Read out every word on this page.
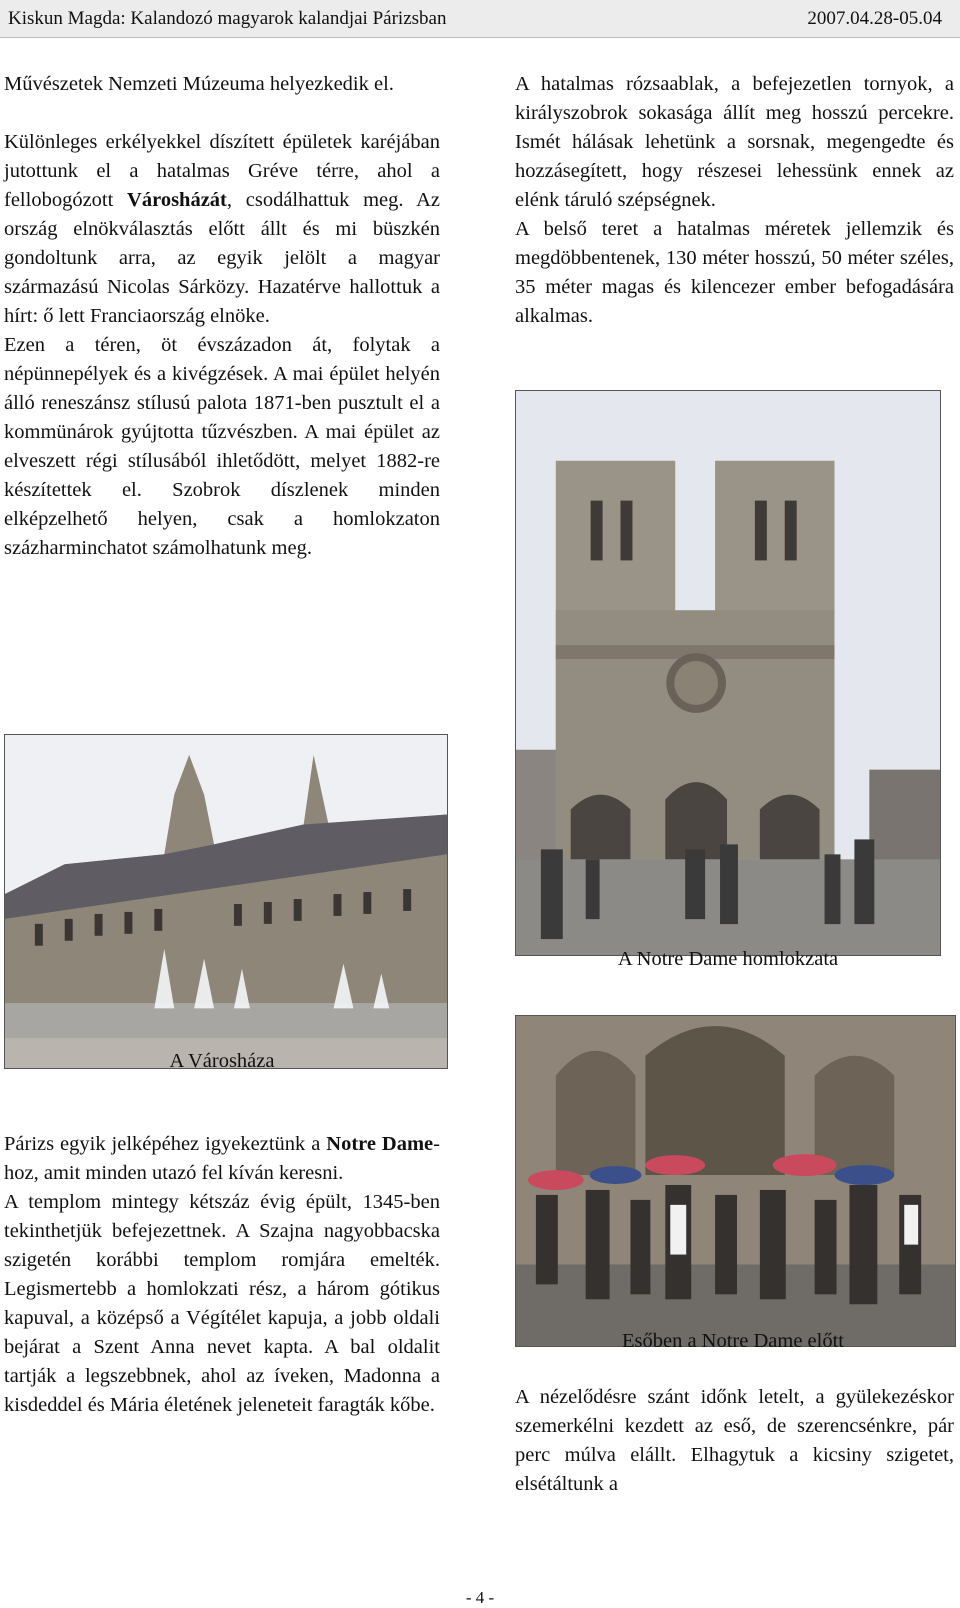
Kiskun Magda: Kalandozó magyarok kalandjai Párizsban	2007.04.28-05.04

Művészetek Nemzeti Múzeuma helyezkedik el.

Különleges erkélyekkel díszített épületek karéjában jutottunk el a hatalmas Gréve térre, ahol a fellobogózott Városházát, csodálhattuk meg. Az ország elnökválasztás előtt állt és mi büszkén gondoltunk arra, az egyik jelölt a magyar származású Nicolas Sárközy. Hazatérve hallottuk a hírt: ő lett Franciaország elnöke.

Ezen a téren, öt évszázadon át, folytak a népünnepélyek és a kivégzések. A mai épület helyén álló reneszánsz stílusú palota 1871-ben pusztult el a kommünárok gyújtotta tűzvészben. A mai épület az elveszett régi stílusából ihletődött, melyet 1882-re készítettek el. Szobrok díszlenek minden elképzelhető helyen, csak a homlokzaton százharminchatot számolhatunk meg.

A hatalmas rózsaablak, a befejezetlen tornyok, a királyszobrok sokasága állít meg hosszú percekre. Ismét hálásak lehetünk a sorsnak, megengedte és hozzásegített, hogy részesei lehessünk ennek az elénk táruló szépségnek.

A belső teret a hatalmas méretek jellemzik és megdöbbentenek, 130 méter hosszú, 50 méter széles, 35 méter magas és kilencezer ember befogadására alkalmas.

A Notre Dame homlokzata
A Városháza

Párizs egyik jelképéhez igyekeztünk a Notre Dame-hoz, amit minden utazó fel kíván keresni.

A templom mintegy kétszáz évig épült, 1345-ben tekinthetjük befejezettnek. A Szajna nagyobbacska szigetén korábbi templom romjára emelték. Legismertebb a homlokzati rész, a három gótikus kapuval, a középső a Végítélet kapuja, a jobb oldali bejárat a Szent Anna nevet kapta. A bal oldalit tartják a legszebbnek, ahol az íveken, Madonna a kisdeddel és Mária életének jeleneteit faragták kőbe.

Esőben a Notre Dame előtt

A nézelődésre szánt időnk letelt, a gyülekezéskor szemerkélni kezdett az eső, de szerencsénkre, pár perc múlva elállt. Elhagytuk a kicsiny szigetet, elsétáltunk a

- 4 -
